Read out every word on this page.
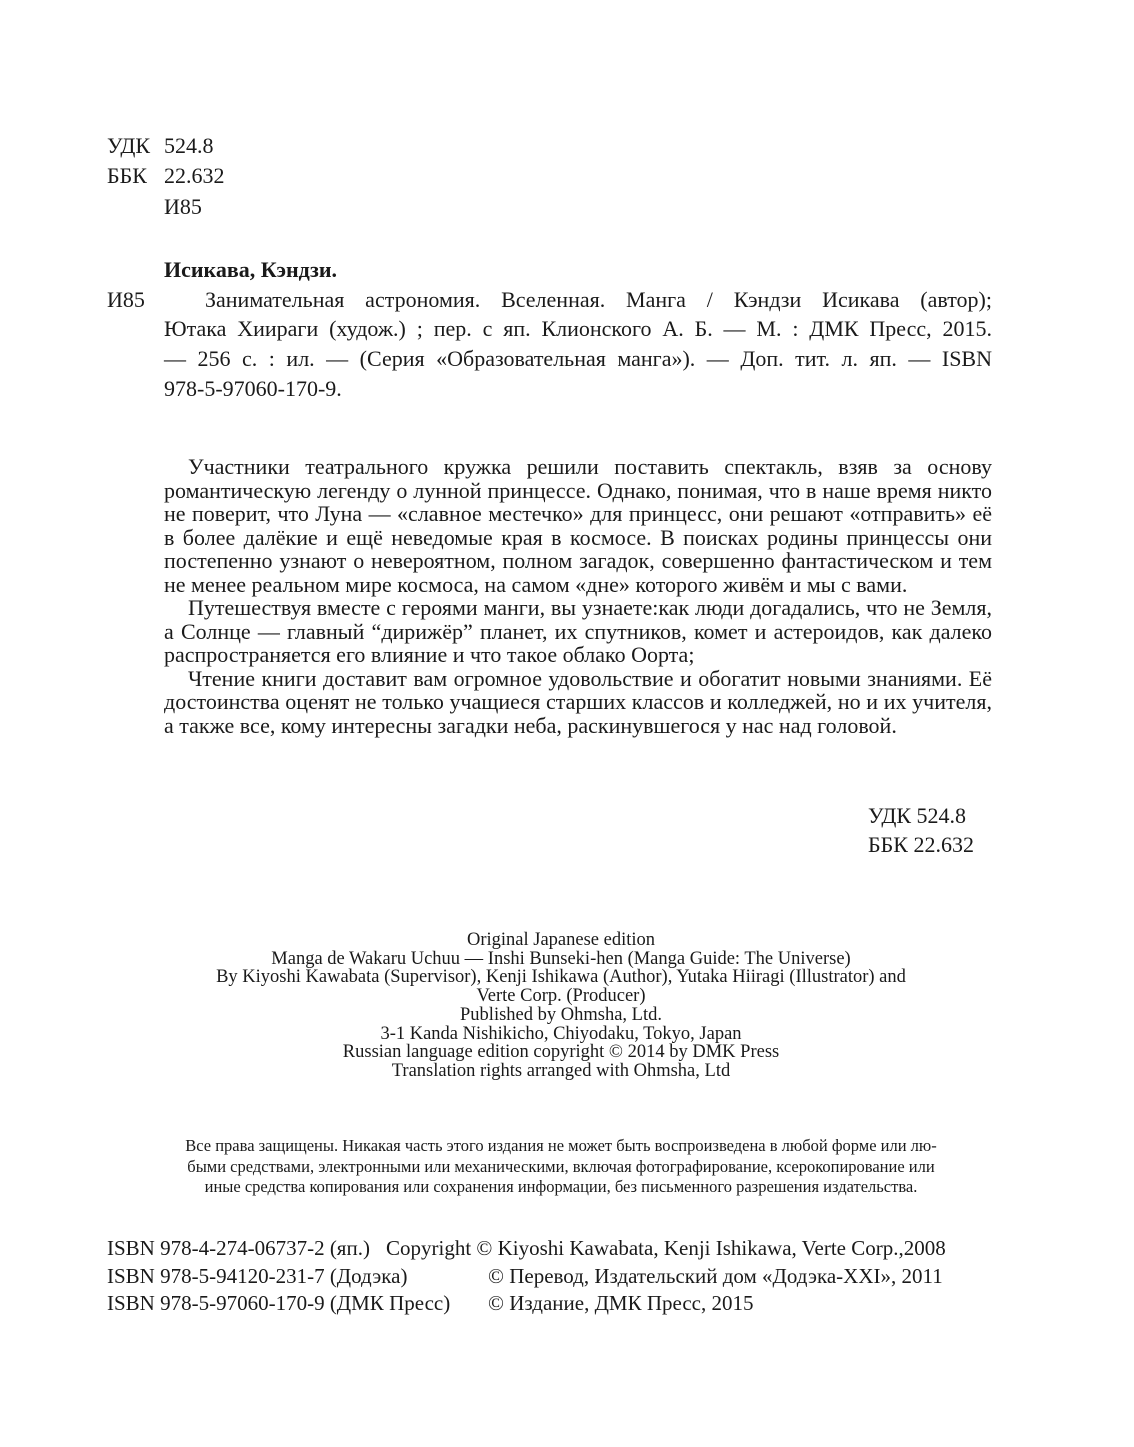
УДК 524.8
ББК 22.632
И85
Исикава, Кэндзи.
И85	Занимательная астрономия. Вселенная. Манга / Кэндзи Исикава (автор);
Ютака Хиираги (худож.) ; пер. с яп. Клионского А. Б. — М. : ДМК Пресс, 2015.
— 256 с. : ил. — (Серия «Образовательная манга»). — Доп. тит. л. яп. — ISBN
978-5-97060-170-9.

Участники театрального кружка решили поставить спектакль, взяв за основу романтическую легенду о лунной принцессе. Однако, понимая, что в наше время никто не поверит, что Луна — «славное местечко» для принцесс, они решают «отправить» её в более далёкие и ещё неведомые края в космосе. В поисках родины принцессы они постепенно узнают о невероятном, полном загадок, совершенно фантастическом и тем не менее реальном мире космоса, на самом «дне» которого живём и мы с вами.

Путешествуя вместе с героями манги, вы узнаете:как люди догадались, что не Земля, а Солнце — главный “дирижёр” планет, их спутников, комет и астероидов, как далеко распространяется его влияние и что такое облако Оорта;

Чтение книги доставит вам огромное удовольствие и обогатит новыми знаниями. Её достоинства оценят не только учащиеся старших классов и колледжей, но и их учителя, а также все, кому интересны загадки неба, раскинувшегося у нас над головой.

УДК 524.8
ББК 22.632
Original Japanese edition
Manga de Wakaru Uchuu — Inshi Bunseki-hen (Manga Guide: The Universe)
By Kiyoshi Kawabata (Supervisor), Kenji Ishikawa (Author), Yutaka Hiiragi (Illustrator) and
Verte Corp. (Producer)
Published by Ohmsha, Ltd.
3-1 Kanda Nishikicho, Chiyodaku, Tokyo, Japan
Russian language edition copyright © 2014 by DMK Press
Translation rights arranged with Ohmsha, Ltd
Все права защищены. Никакая часть этого издания не может быть воспроизведена в любой форме или лю-
быми средствами, электронными или механическими, включая фотографирование, ксерокопирование или
иные средства копирования или сохранения информации, без письменного разрешения издательства.
ISBN 978-4-274-06737-2 (яп.) Copyright © Kiyoshi Kawabata, Kenji Ishikawa, Verte Corp.,2008
ISBN 978-5-94120-231-7 (Додэка)	© Перевод, Издательский дом «Додэка-XXI», 2011
ISBN 978-5-97060-170-9 (ДМК Пресс) © Издание, ДМК Пресс, 2015
